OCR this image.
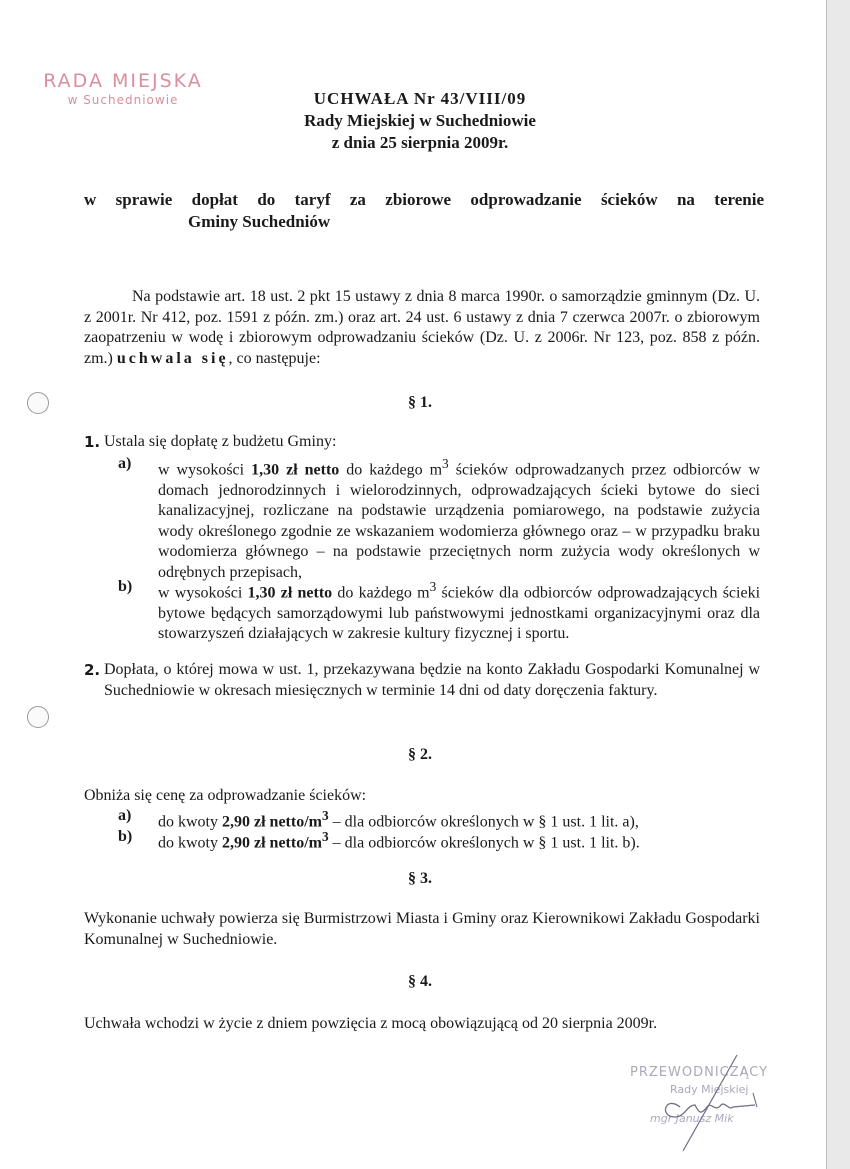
RADA MIEJSKA
w Suchedniowie	UCHWAŁA Nr 43/VIII/09
Rady Miejskiej w Suchedniowie
z dnia 25 sierpnia 2009r.
w sprawie dopłat do taryf za zbiorowe odprowadzanie ścieków na terenie
Gminy Suchedniów
Na podstawie art. 18 ust. 2 pkt 15 ustawy z dnia 8 marca 1990r. o samorządzie gminnym (Dz. U. z 2001r. Nr 412, poz. 1591 z późn. zm.) oraz art. 24 ust. 6 ustawy z dnia 7 czerwca 2007r. o zbiorowym zaopatrzeniu w wodę i zbiorowym odprowadzaniu ścieków (Dz. U. z 2006r. Nr 123, poz. 858 z późn. zm.) uchwala się, co następuje:
§ 1.
1. Ustala się dopłatę z budżetu Gminy:
a)	w wysokości 1,30 zł netto do każdego $m^3$ ścieków odprowadzanych przez odbiorców w domach jednorodzinnych i wielorodzinnych, odprowadzających ścieki bytowe do sieci kanalizacyjnej, rozliczane na podstawie urządzenia pomiarowego, na podstawie zużycia wody określonego zgodnie ze wskazaniem wodomierza głównego oraz – w przypadku braku wodomierza głównego – na podstawie przeciętnych norm zużycia wody określonych w odrębnych przepisach,
b)	w wysokości 1,30 zł netto do każdego $m^3$ ścieków dla odbiorców odprowadzających ścieki bytowe będących samorządowymi lub państwowymi jednostkami organizacyjnymi oraz dla stowarzyszeń działających w zakresie kultury fizycznej i sportu.
2. Dopłata, o której mowa w ust. 1, przekazywana będzie na konto Zakładu Gospodarki Komunalnej w Suchedniowie w okresach miesięcznych w terminie 14 dni od daty doręczenia faktury.
§ 2.
Obniża się cenę za odprowadzanie ścieków:
a)	do kwoty 2,90 zł netto/$m^3$ – dla odbiorców określonych w § 1 ust. 1 lit. a),
b)	do kwoty 2,90 zł netto/$m^3$ – dla odbiorców określonych w § 1 ust. 1 lit. b).
§ 3.
Wykonanie uchwały powierza się Burmistrzowi Miasta i Gminy oraz Kierownikowi Zakładu Gospodarki Komunalnej w Suchedniowie.
§ 4.
Uchwała wchodzi w życie z dniem powzięcia z mocą obowiązującą od 20 sierpnia 2009r.
PRZEWODNICZĄCY
Rady Miejskiej
mgr Janusz Mik
